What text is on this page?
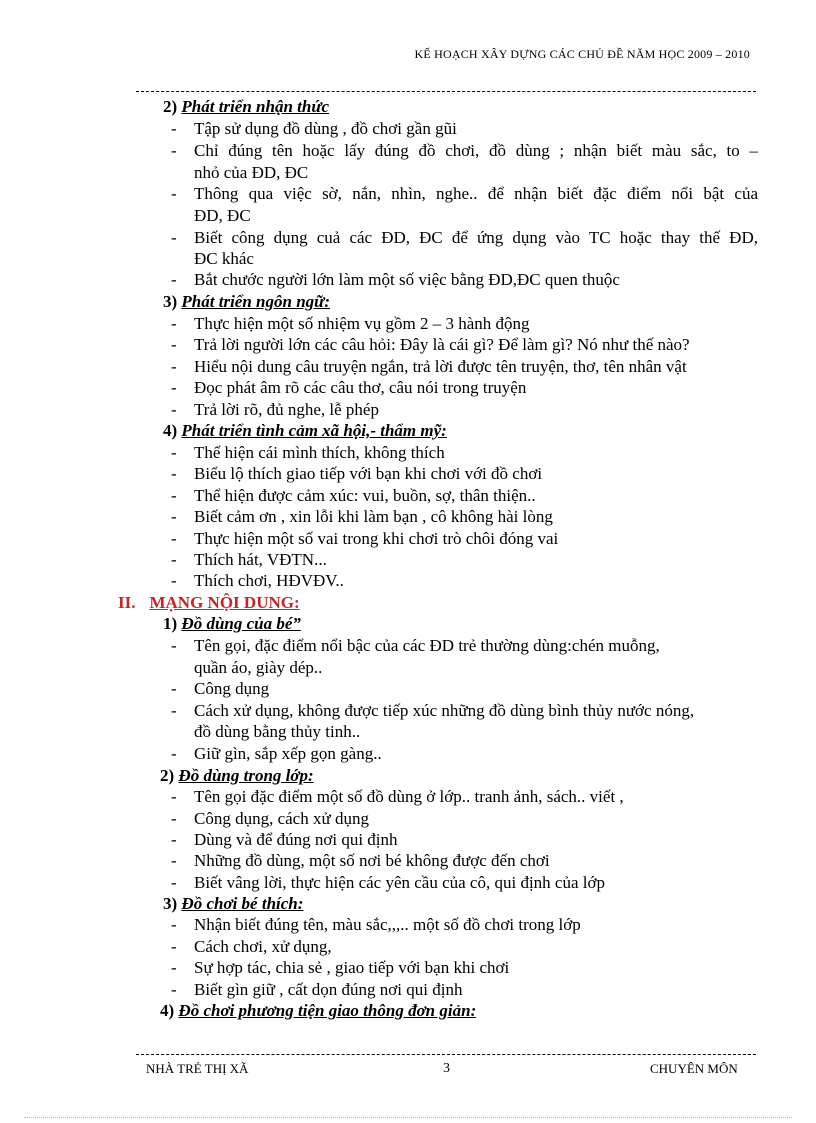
KẾ HOẠCH XÂY DỰNG CÁC CHỦ ĐỀ NĂM HỌC 2009 – 2010
2) Phát triển nhận thức
- Tập sử dụng đồ dùng , đồ chơi gần gũi
- Chỉ đúng tên hoặc lấy đúng đồ chơi, đồ dùng ; nhận biết màu sắc, to –
nhỏ của ĐD, ĐC
- Thông qua việc sờ, nắn, nhìn, nghe.. để nhận biết đặc điểm nổi bật của
ĐD, ĐC
- Biết công dụng cuả các ĐD, ĐC để ứng dụng vào TC hoặc thay thế ĐD,
ĐC khác
- Bắt chước người lớn làm một số việc bằng ĐD,ĐC quen thuộc
3) Phát triển ngôn ngữ:
- Thực hiện một số nhiệm vụ gồm 2 – 3 hành động
- Trả lời người lớn các câu hỏi: Đây là cái gì? Để làm gì? Nó như thế nào?
- Hiểu nội dung câu truyện ngắn, trả lời được tên truyện, thơ, tên nhân vật
- Đọc phát âm rõ các câu thơ, câu nói trong truyện
- Trả lời rõ, đủ nghe, lễ phép
4) Phát triển tình cảm xã hội,- thẩm mỹ:
- Thể hiện cái mình thích, không thích
- Biểu lộ thích giao tiếp với bạn khi chơi với đồ chơi
- Thể hiện được cảm xúc: vui, buồn, sợ, thân thiện..
- Biết cảm ơn , xin lỗi khi làm bạn , cô không hài lòng
- Thực hiện một số vai trong khi chơi trò chôi đóng vai
- Thích hát, VĐTN...
- Thích chơi, HĐVĐV..
II. MẠNG NỘI DUNG:
1) Đồ dùng của bé”
- Tên gọi, đặc điểm nổi bậc của các ĐD trẻ thường dùng:chén muỗng,
quần áo, giày dép..
- Công dụng
- Cách xử dụng, không được tiếp xúc những đồ dùng bình thủy nước nóng,
đồ dùng bằng thủy tinh..
- Giữ gìn, sắp xếp gọn gàng..
2) Đồ dùng trong lớp:
- Tên gọi đặc điểm một số đồ dùng ở lớp.. tranh ảnh, sách.. viết ,
- Công dụng, cách xử dụng
- Dùng và để đúng nơi qui định
- Những đồ dùng, một số nơi bé không được đến chơi
- Biết vâng lời, thực hiện các yên cầu của cô, qui định của lớp
3) Đồ chơi bé thích:
- Nhận biết đúng tên, màu sắc,,,.. một số đồ chơi trong lớp
- Cách chơi, xử dụng,
- Sự hợp tác, chia sẻ , giao tiếp với bạn khi chơi
- Biết gìn giữ , cất dọn đúng nơi qui định
4) Đồ chơi phương tiện giao thông đơn giản:
NHÀ TRẺ THỊ XÃ	3	CHUYÊN MÔN
